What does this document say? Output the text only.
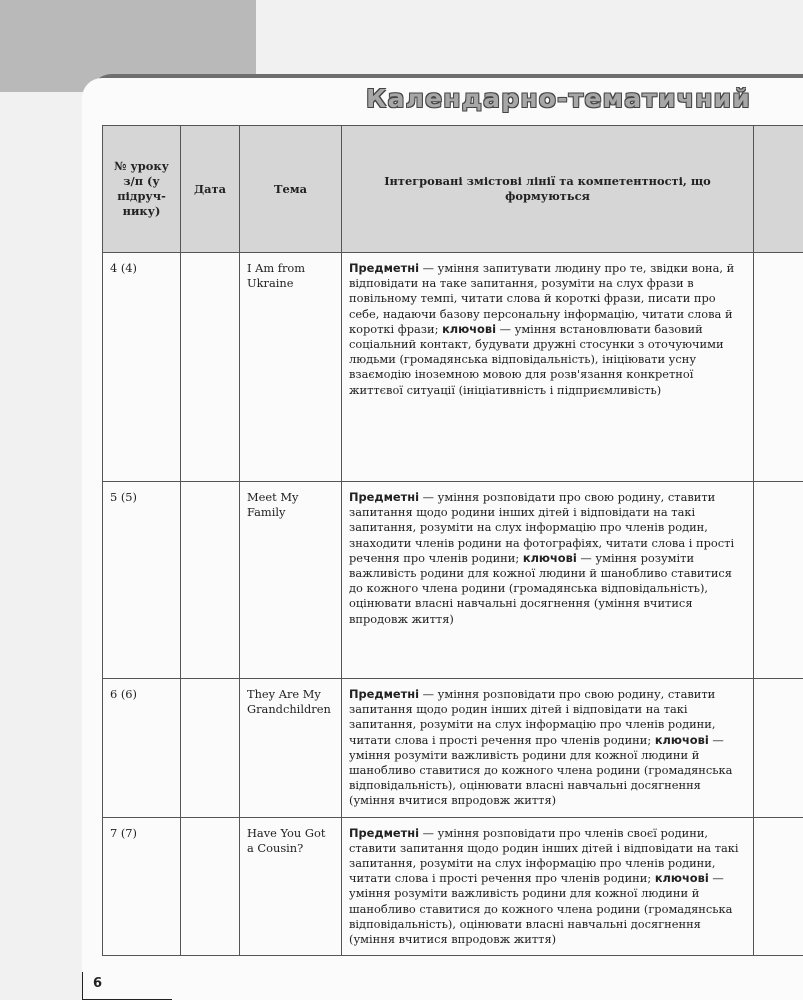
Календарно-тематичний
№ уроку з/п (у підручнику)	Дата	Тема	Інтегровані змістові лінії та компетентності, що формуються	
4 (4)		I Am from Ukraine	Предметні — уміння запитувати людину про те, звідки вона, й відповідати на таке запитання, розуміти на слух фрази в повільному темпі, читати слова й короткі фрази, писати про себе, надаючи базову персональну інформацію, читати слова й короткі фрази; ключові — уміння встановлювати базовий соціальний контакт, будувати дружні стосунки з оточуючими людьми (громадянська відповідальність), ініціювати усну взаємодію іноземною мовою для розв'язання конкретної життєвої ситуації (ініціативність і підприємливість)	
5 (5)		Meet My Family	Предметні — уміння розповідати про свою родину, ставити запитання щодо родини інших дітей і відповідати на такі запитання, розуміти на слух інформацію про членів родин, знаходити членів родини на фотографіях, читати слова і прості речення про членів родини; ключові — уміння розуміти важливість родини для кожної людини й шанобливо ставитися до кожного члена родини (громадянська відповідальність), оцінювати власні навчальні досягнення (уміння вчитися впродовж життя)	
6 (6)		They Are My Grandchildren	Предметні — уміння розповідати про свою родину, ставити запитання щодо родин інших дітей і відповідати на такі запитання, розуміти на слух інформацію про членів родини, читати слова і прості речення про членів родини; ключові — уміння розуміти важливість родини для кожної людини й шанобливо ставитися до кожного члена родини (громадянська відповідальність), оцінювати власні навчальні досягнення (уміння вчитися впродовж життя)	
7 (7)		Have You Got a Cousin?	Предметні — уміння розповідати про членів своєї родини, ставити запитання щодо родин інших дітей і відповідати на такі запитання, розуміти на слух інформацію про членів родини, читати слова і прості речення про членів родини; ключові — уміння розуміти важливість родини для кожної людини й шанобливо ставитися до кожного члена родини (громадянська відповідальність), оцінювати власні навчальні досягнення (уміння вчитися впродовж життя)	
6
